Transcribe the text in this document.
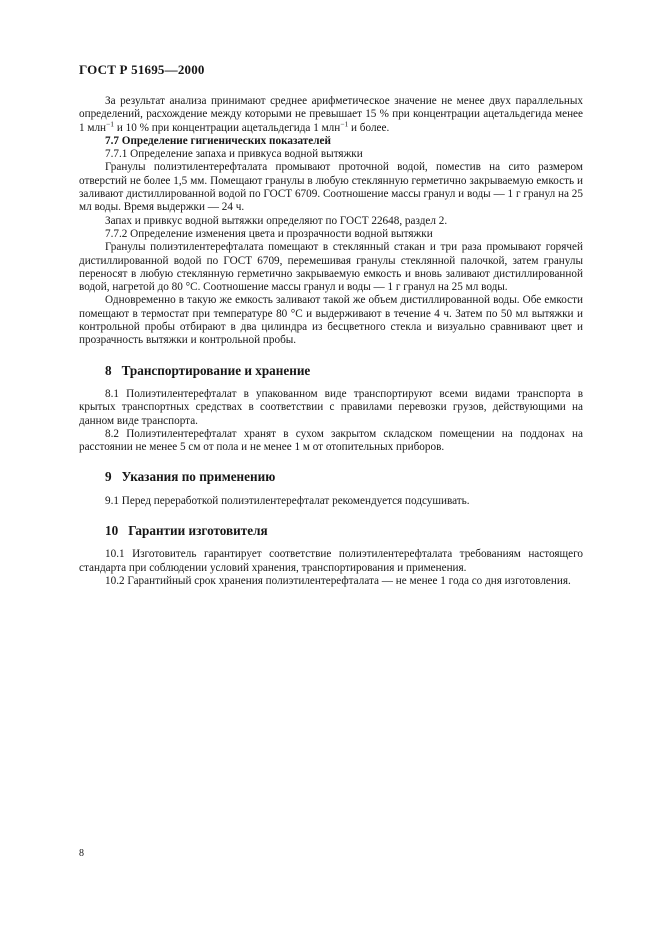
ГОСТ Р 51695—2000

За результат анализа принимают среднее арифметическое значение не менее двух параллельных определений, расхождение между которыми не превышает 15 % при концентрации ацетальдегида менее 1 млн$^{-1}$ и 10 % при концентрации ацетальдегида 1 млн$^{-1}$ и более.

7.7 Определение гигиенических показателей

7.7.1 Определение запаха и привкуса водной вытяжки

Гранулы полиэтилентерефталата промывают проточной водой, поместив на сито размером отверстий не более 1,5 мм. Помещают гранулы в любую стеклянную герметично закрываемую емкость и заливают дистиллированной водой по ГОСТ 6709. Соотношение массы гранул и воды — 1 г гранул на 25 мл воды. Время выдержки — 24 ч.

Запах и привкус водной вытяжки определяют по ГОСТ 22648, раздел 2.

7.7.2 Определение изменения цвета и прозрачности водной вытяжки

Гранулы полиэтилентерефталата помещают в стеклянный стакан и три раза промывают горячей дистиллированной водой по ГОСТ 6709, перемешивая гранулы стеклянной палочкой, затем гранулы переносят в любую стеклянную герметично закрываемую емкость и вновь заливают дистиллированной водой, нагретой до 80 °С. Соотношение массы гранул и воды — 1 г гранул на 25 мл воды.

Одновременно в такую же емкость заливают такой же объем дистиллированной воды. Обе емкости помещают в термостат при температуре 80 °С и выдерживают в течение 4 ч. Затем по 50 мл вытяжки и контрольной пробы отбирают в два цилиндра из бесцветного стекла и визуально сравнивают цвет и прозрачность вытяжки и контрольной пробы.

8 Транспортирование и хранение

8.1 Полиэтилентерефталат в упакованном виде транспортируют всеми видами транспорта в крытых транспортных средствах в соответствии с правилами перевозки грузов, действующими на данном виде транспорта.

8.2 Полиэтилентерефталат хранят в сухом закрытом складском помещении на поддонах на расстоянии не менее 5 см от пола и не менее 1 м от отопительных приборов.

9 Указания по применению

9.1 Перед переработкой полиэтилентерефталат рекомендуется подсушивать.

10 Гарантии изготовителя

10.1 Изготовитель гарантирует соответствие полиэтилентерефталата требованиям настоящего стандарта при соблюдении условий хранения, транспортирования и применения.

10.2 Гарантийный срок хранения полиэтилентерефталата — не менее 1 года со дня изготовления.

8
